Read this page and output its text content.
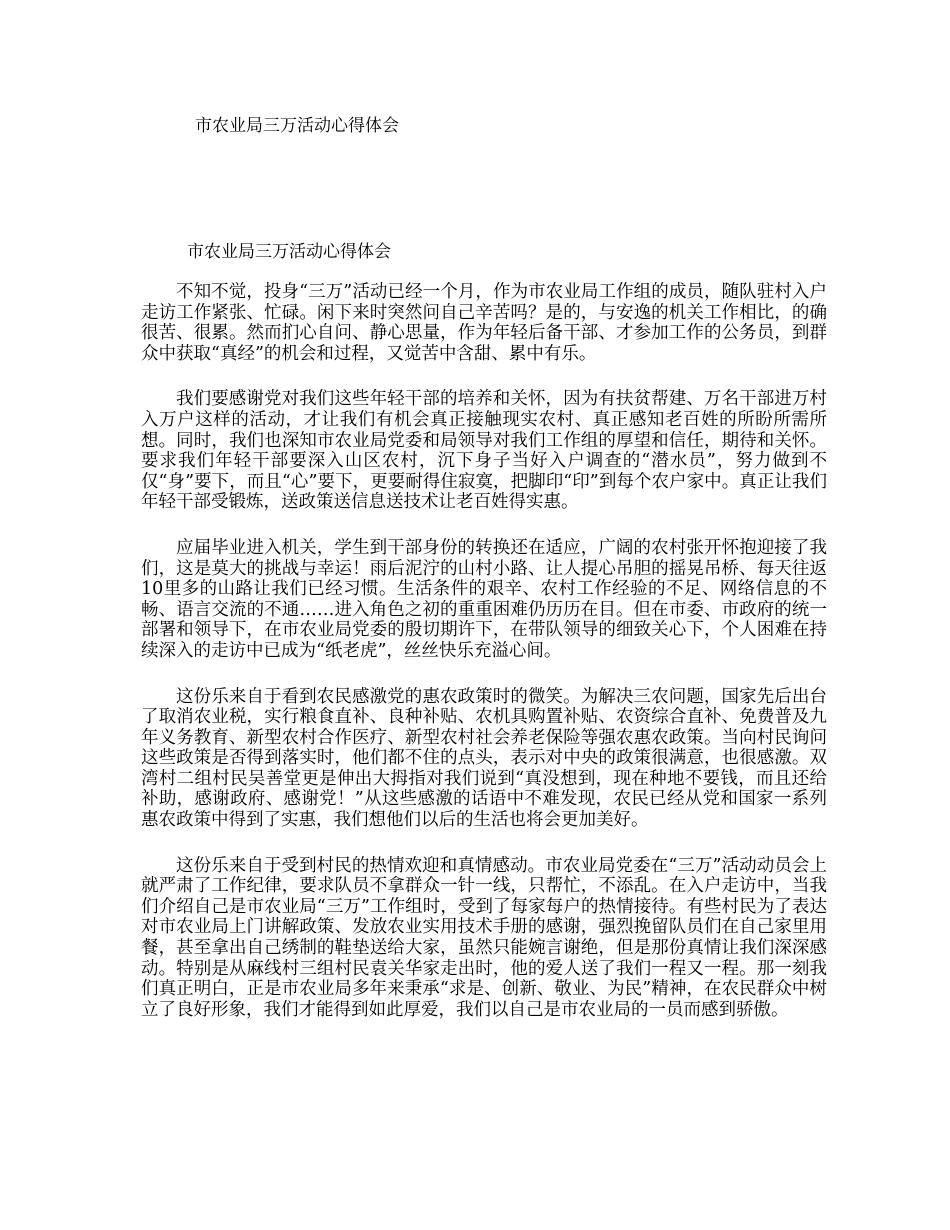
市农业局三万活动心得体会
市农业局三万活动心得体会

不知不觉，投身“三万”活动已经一个月，作为市农业局工作组的成员，随队驻村入户走访工作紧张、忙碌。闲下来时突然问自己辛苦吗？是的，与安逸的机关工作相比，的确很苦、很累。然而扪心自问、静心思量，作为年轻后备干部、才参加工作的公务员，到群众中获取“真经”的机会和过程，又觉苦中含甜、累中有乐。

我们要感谢党对我们这些年轻干部的培养和关怀，因为有扶贫帮建、万名干部进万村入万户这样的活动，才让我们有机会真正接触现实农村、真正感知老百姓的所盼所需所想。同时，我们也深知市农业局党委和局领导对我们工作组的厚望和信任，期待和关怀。要求我们年轻干部要深入山区农村，沉下身子当好入户调查的“潜水员”，努力做到不仅“身”要下，而且“心”要下，更要耐得住寂寞，把脚印“印”到每个农户家中。真正让我们年轻干部受锻炼，送政策送信息送技术让老百姓得实惠。

应届毕业进入机关，学生到干部身份的转换还在适应，广阔的农村张开怀抱迎接了我们，这是莫大的挑战与幸运！雨后泥泞的山村小路、让人提心吊胆的摇晃吊桥、每天往返10里多的山路让我们已经习惯。生活条件的艰辛、农村工作经验的不足、网络信息的不畅、语言交流的不通……进入角色之初的重重困难仍历历在目。但在市委、市政府的统一部署和领导下，在市农业局党委的殷切期许下，在带队领导的细致关心下，个人困难在持续深入的走访中已成为“纸老虎”，丝丝快乐充溢心间。

这份乐来自于看到农民感激党的惠农政策时的微笑。为解决三农问题，国家先后出台了取消农业税，实行粮食直补、良种补贴、农机具购置补贴、农资综合直补、免费普及九年义务教育、新型农村合作医疗、新型农村社会养老保险等强农惠农政策。当向村民询问这些政策是否得到落实时，他们都不住的点头，表示对中央的政策很满意，也很感激。双湾村二组村民吴善堂更是伸出大拇指对我们说到“真没想到，现在种地不要钱，而且还给补助，感谢政府、感谢党！”从这些感激的话语中不难发现，农民已经从党和国家一系列惠农政策中得到了实惠，我们想他们以后的生活也将会更加美好。

这份乐来自于受到村民的热情欢迎和真情感动。市农业局党委在“三万”活动动员会上就严肃了工作纪律，要求队员不拿群众一针一线，只帮忙，不添乱。在入户走访中，当我们介绍自己是市农业局“三万”工作组时，受到了每家每户的热情接待。有些村民为了表达对市农业局上门讲解政策、发放农业实用技术手册的感谢，强烈挽留队员们在自己家里用餐，甚至拿出自己绣制的鞋垫送给大家，虽然只能婉言谢绝，但是那份真情让我们深深感动。特别是从麻线村三组村民袁关华家走出时，他的爱人送了我们一程又一程。那一刻我们真正明白，正是市农业局多年来秉承“求是、创新、敬业、为民”精神，在农民群众中树立了良好形象，我们才能得到如此厚爱，我们以自己是市农业局的一员而感到骄傲。
